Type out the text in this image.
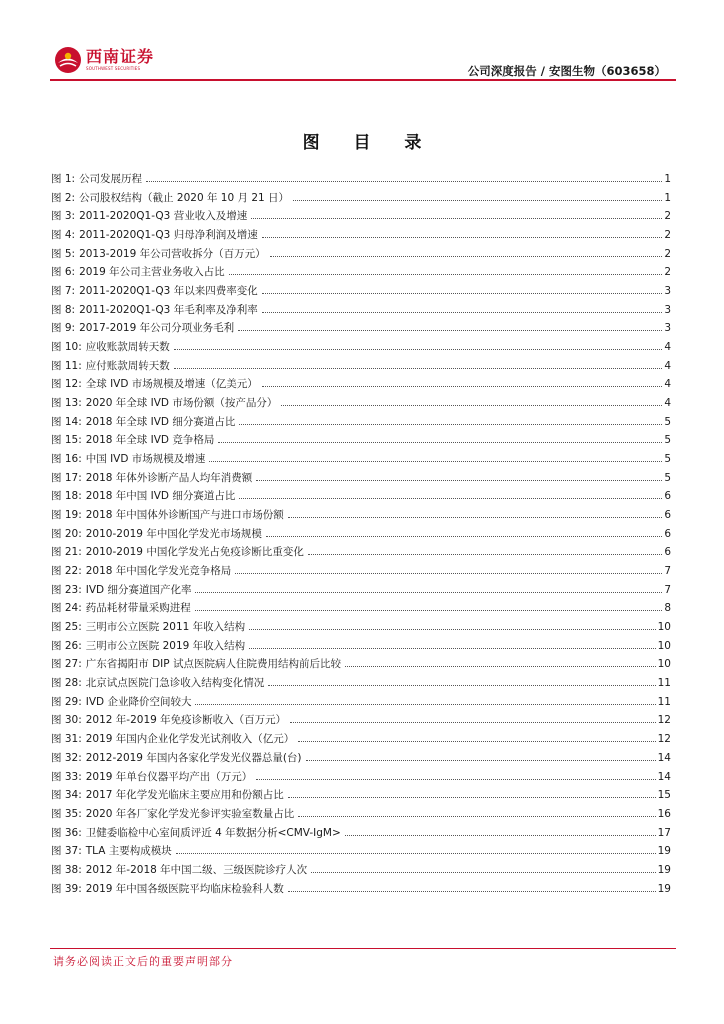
西南证券
SOUTHWEST SECURITIES	公司深度报告 / 安图生物（603658）
图 目 录
图 1: 公司发展历程	1
图 2: 公司股权结构（截止 2020 年 10 月 21 日）	1
图 3: 2011-2020Q1-Q3 营业收入及增速	2
图 4: 2011-2020Q1-Q3 归母净利润及增速	2
图 5: 2013-2019 年公司营收拆分（百万元）	2
图 6: 2019 年公司主营业务收入占比	2
图 7: 2011-2020Q1-Q3 年以来四费率变化	3
图 8: 2011-2020Q1-Q3 年毛利率及净利率	3
图 9: 2017-2019 年公司分项业务毛利	3
图 10: 应收账款周转天数	4
图 11: 应付账款周转天数	4
图 12: 全球 IVD 市场规模及增速（亿美元）	4
图 13: 2020 年全球 IVD 市场份额（按产品分）	4
图 14: 2018 年全球 IVD 细分赛道占比	5
图 15: 2018 年全球 IVD 竞争格局	5
图 16: 中国 IVD 市场规模及增速	5
图 17: 2018 年体外诊断产品人均年消费额	5
图 18: 2018 年中国 IVD 细分赛道占比	6
图 19: 2018 年中国体外诊断国产与进口市场份额	6
图 20: 2010-2019 年中国化学发光市场规模	6
图 21: 2010-2019 中国化学发光占免疫诊断比重变化	6
图 22: 2018 年中国化学发光竞争格局	7
图 23: IVD 细分赛道国产化率	7
图 24: 药品耗材带量采购进程	8
图 25: 三明市公立医院 2011 年收入结构	10
图 26: 三明市公立医院 2019 年收入结构	10
图 27: 广东省揭阳市 DIP 试点医院病人住院费用结构前后比较	10
图 28: 北京试点医院门急诊收入结构变化情况	11
图 29: IVD 企业降价空间较大	11
图 30: 2012 年-2019 年免疫诊断收入（百万元）	12
图 31: 2019 年国内企业化学发光试剂收入（亿元）	12
图 32: 2012-2019 年国内各家化学发光仪器总量(台)	14
图 33: 2019 年单台仪器平均产出（万元）	14
图 34: 2017 年化学发光临床主要应用和份额占比	15
图 35: 2020 年各厂家化学发光参评实验室数量占比	16
图 36: 卫健委临检中心室间质评近 4 年数据分析<CMV-IgM>	17
图 37: TLA 主要构成模块	19
图 38: 2012 年-2018 年中国二级、三级医院诊疗人次	19
图 39: 2019 年中国各级医院平均临床检验科人数	19
请务必阅读正文后的重要声明部分
